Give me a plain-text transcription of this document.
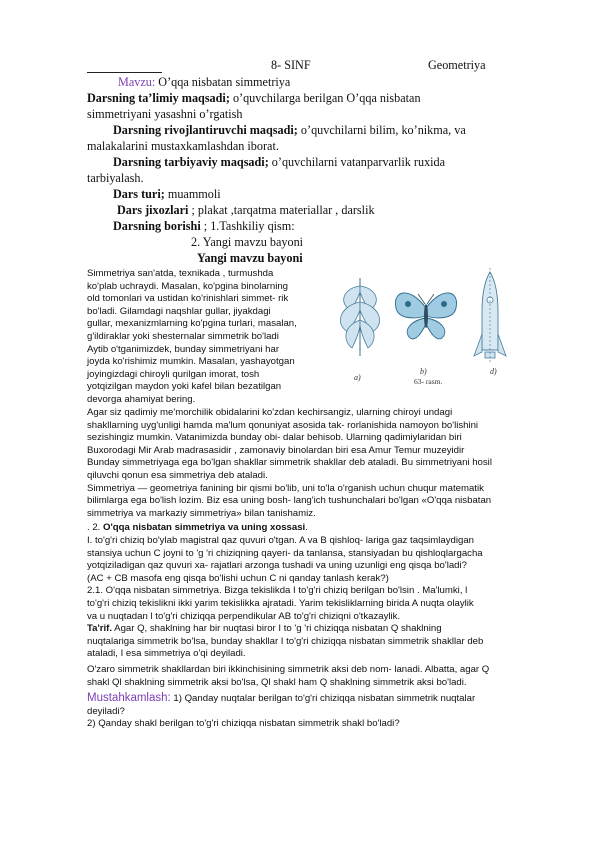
8- SINF	Geometriya
Mavzu: O’qqa nisbatan simmetriya
Darsning ta’limiy maqsadi; o’quvchilarga berilgan O’qqa nisbatan
simmetriyani yasashni o’rgatish
Darsning rivojlantiruvchi maqsadi; o’quvchilarni bilim, ko’nikma, va
malakalarini mustaxkamlashdan iborat.
Darsning tarbiyaviy maqsadi; o’quvchilarni vatanparvarlik ruxida
tarbiyalash.
Dars turi; muammoli
Dars jixozlari ; plakat ,tarqatma materiallar , darslik
Darsning borishi ; 1.Tashkiliy qism:
2. Yangi mavzu bayoni
Yangi mavzu bayoni
Simmetriya san'atda, texnikada , turmushda
ko'plab uchraydi. Masalan, ko'pgina binolarning
old tomonlari va ustidan ko'rinishlari simmet- rik
bo'ladi. Gilamdagi naqshlar gullar, jiyakdagi
gullar, mexanizmlarning ko'pgina turlari, masalan,
g'ildiraklar yoki shesternalar simmetrik bo'ladi
Aytib o'tganimizdek, bunday simmetriyani har
joyda ko'rishimiz mumkin. Masalan, yashayotgan
joyingizdagi chiroyli qurilgan imorat, tosh
yotqizilgan maydon yoki kafel bilan bezatilgan
devorga ahamiyat bering.
a)
b)	d)
63- rasm.
Agar siz qadimiy me'morchilik obidalarini ko'zdan kechirsangiz, ularning chiroyi undagi
shakllarning uyg'unligi hamda ma'lum qonuniyat asosida tak- rorlanishida namoyon bo'lishini
sezishingiz mumkin. Vatanimizda bunday obi- dalar behisob. Ularning qadimiylaridan biri
Buxorodagi Mir Arab madrasasidir , zamonaviy binolardan biri esa Amur Temur muzeyidir
Bunday simmetriyaga ega bo'lgan shakllar simmetrik shakllar deb ataladi. Bu simmetriyani hosil
qiluvchi qonun esa simmetriya deb ataladi.
Simmetriya — geometriya fanining bir qismi bo'lib, uni to'la o'rganish uchun chuqur matematik
bilimlarga ega bo'lish lozim. Biz esa uning bosh- lang'ich tushunchalari bo'lgan «O'qqa nisbatan
simmetriya va markaziy simmetriya» bilan tanishamiz.
. 2. O'qqa nisbatan simmetriya va uning xossasi.
I. to'g'ri chiziq bo'ylab magistral qaz quvuri o'tgan. A va B qishloq- lariga gaz taqsimlaydigan
stansiya uchun C joyni to 'g 'ri chiziqning qayeri- da tanlansa, stansiyadan bu qishloqlargacha
yotqiziladigan qaz quvuri xa- rajatlari arzonga tushadi va uning uzunligi eng qisqa bo'ladi?
(AC + CB masofa eng qisqa bo'lishi uchun C ni qanday tanlash kerak?)
2.1. O'qqa nisbatan simmetriya. Bizga tekislikda I to'g'ri chiziq berilgan bo'lsin . Ma'lumki, l
to'g'ri chiziq tekislikni ikki yarim tekislikka ajratadi. Yarim tekisliklarning birida A nuqta olaylik
va u nuqtadan l to'g'ri chiziqqa perpendikular AB to'g'ri chiziqni o'tkazaylik.
Ta'rif. Agar Q, shaklning har bir nuqtasi biror I to 'g 'ri chiziqqa nisbatan Q shaklning
nuqtalariga simmetrik bo'lsa, bunday shakllar I to'g'ri chiziqqa nisbatan simmetrik shakllar deb
ataladi, I esa simmetriya o'qi deyiladi.
O'zaro simmetrik shakllardan biri ikkinchisining simmetrik aksi deb nom- lanadi. Albatta, agar Q
shakl Ql shaklning simmetrik aksi bo'lsa, Ql shakl ham Q shaklning simmetrik aksi bo'ladi.
Mustahkamlash: 1) Qanday nuqtalar berilgan to'g'ri chiziqqa nisbatan simmetrik nuqtalar
deyiladi?
2) Qanday shakl berilgan to'g'ri chiziqqa nisbatan simmetrik shakl bo'ladi?
